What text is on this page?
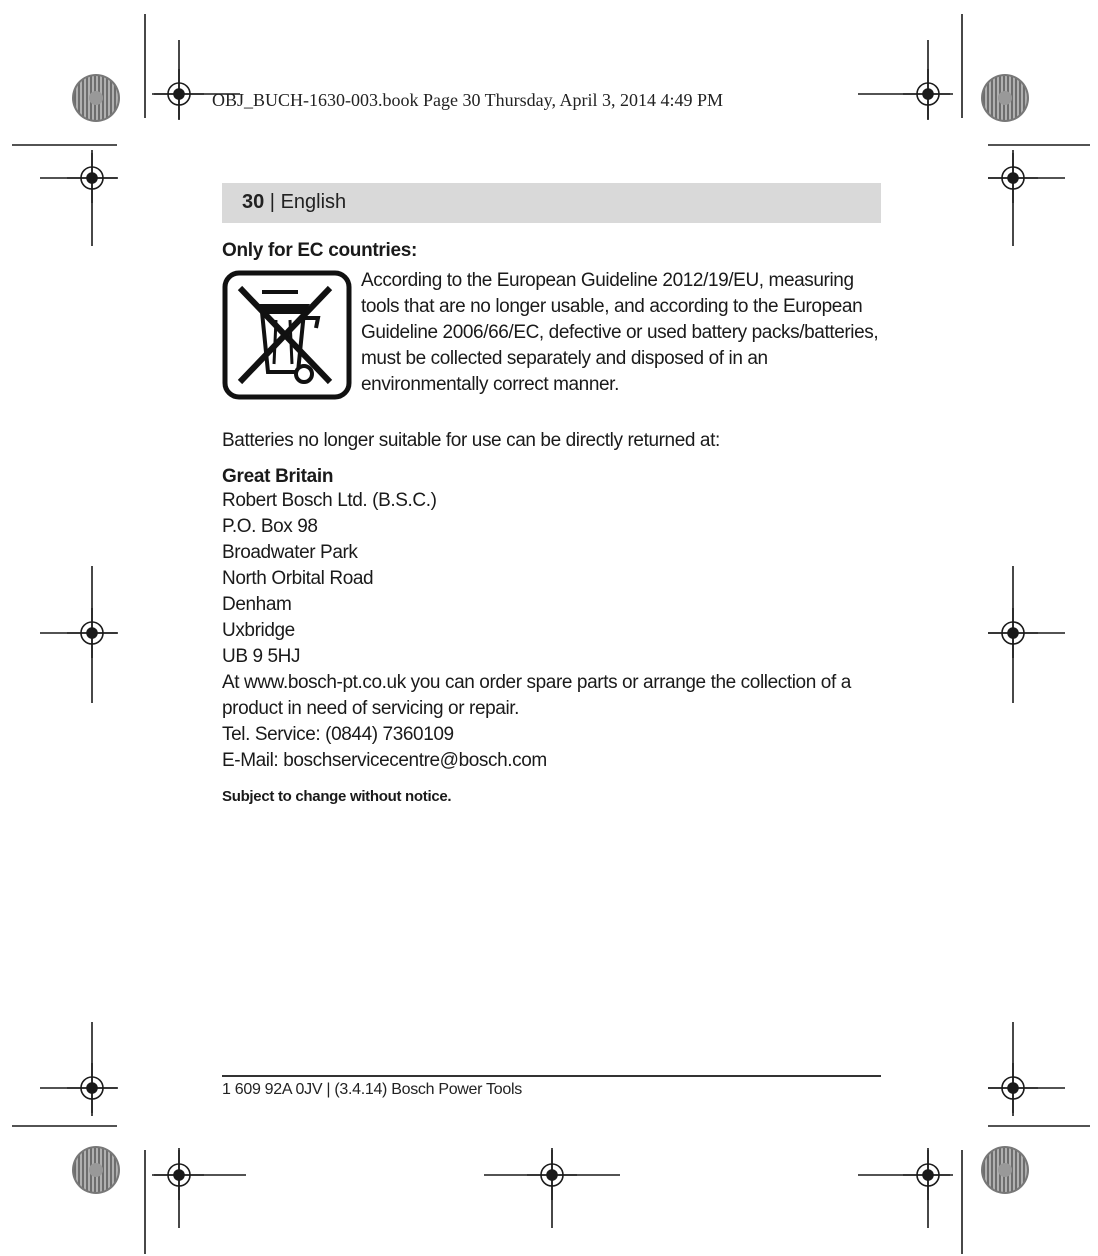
OBJ_BUCH-1630-003.book Page 30 Thursday, April 3, 2014 4:49 PM
30 | English
Only for EC countries:
According to the European Guideline 2012/19/EU, measuring tools that are no longer usable, and according to the European Guideline 2006/66/EC, defective or used battery packs/batteries, must be collected separately and disposed of in an environmentally correct manner.
Batteries no longer suitable for use can be directly returned at:
Great Britain
Robert Bosch Ltd. (B.S.C.)
P.O. Box 98
Broadwater Park
North Orbital Road
Denham
Uxbridge
UB 9 5HJ
At www.bosch-pt.co.uk you can order spare parts or arrange the collection of a product in need of servicing or repair.
Tel. Service: (0844) 7360109
E-Mail: boschservicecentre@bosch.com
Subject to change without notice.
1 609 92A 0JV | (3.4.14) Bosch Power Tools
